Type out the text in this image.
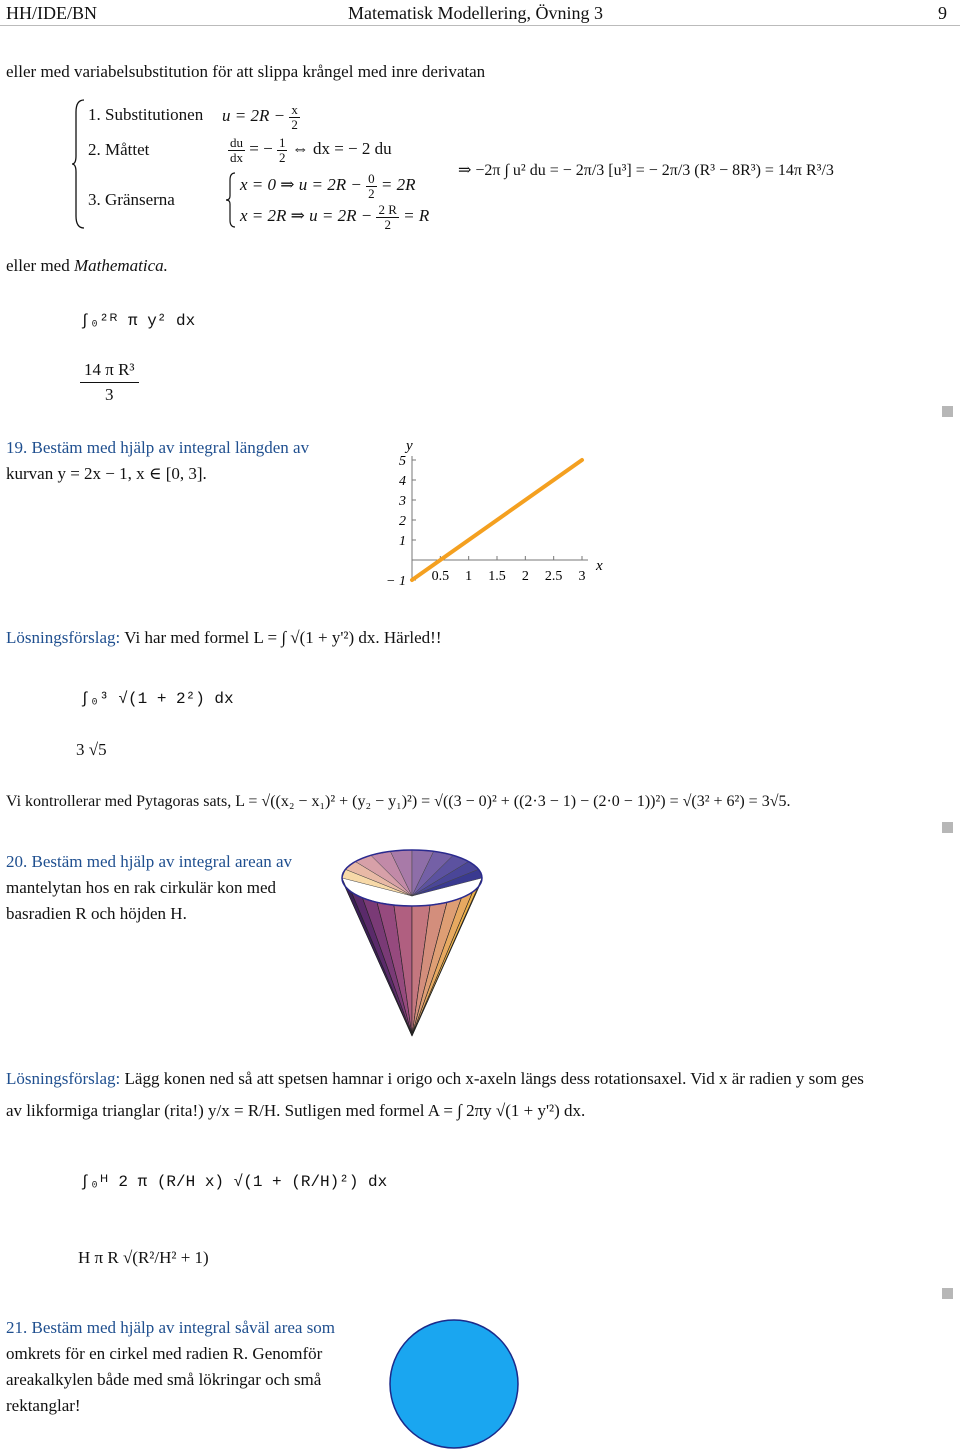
HH/IDE/BN	Matematisk Modellering, Övning 3	9
eller med variabelsubstitution för att slippa krångel med inre derivatan
1. Substitutionen
2. Måttet
3. Gränserna
$u = 2R - \frac{x}{2}$
$\frac{du}{dx}$ = − $\frac{1}{2}$ ⇔ dx = − 2 du
x = 0 ⇒ $u = 2R - \frac{0}{2} = 2R$
x = 2R ⇒ $u = 2R - \frac{2 R}{2} = R$
⇒ −2π ∫ u² du = − 2π/3 [u³] = − 2π/3 (R³ − 8R³) = 14π R³/3
eller med Mathematica.
∫₀²ᴿ π y² dx
14 π R³
3
19. Bestäm med hjälp av integral längden av
kurvan y = 2x − 1, x ∈ [0, 3].
5
4
3
2
1
− 1 0.5 1 1.5 2 2.5 3
y
x
Lösningsförslag: Vi har med formel L = ∫ √(1 + y'²) dx. Härled!!
∫₀³ √(1 + 2²) dx
3 √5
Vi kontrollerar med Pytagoras sats, L = √((x₂ − x₁)² + (y₂ − y₁)²) = √((3 − 0)² + ((2·3 − 1) − (2·0 − 1))²) = √(3² + 6²) = 3√5.
20. Bestäm med hjälp av integral arean av
mantelytan hos en rak cirkulär kon med
basradien R och höjden H.
Lösningsförslag: Lägg konen ned så att spetsen hamnar i origo och x-axeln längs dess rotationsaxel. Vid x är radien y som ges
av likformiga trianglar (rita!) y/x = R/H. Sutligen med formel A = ∫ 2πy √(1 + y'²) dx.
∫₀ᴴ 2 π (R/H x) √(1 + (R/H)²) dx
H π R √(R²/H² + 1)
21. Bestäm med hjälp av integral såväl area som
omkrets för en cirkel med radien R. Genomför
areakalkylen både med små lökringar och små
rektanglar!
